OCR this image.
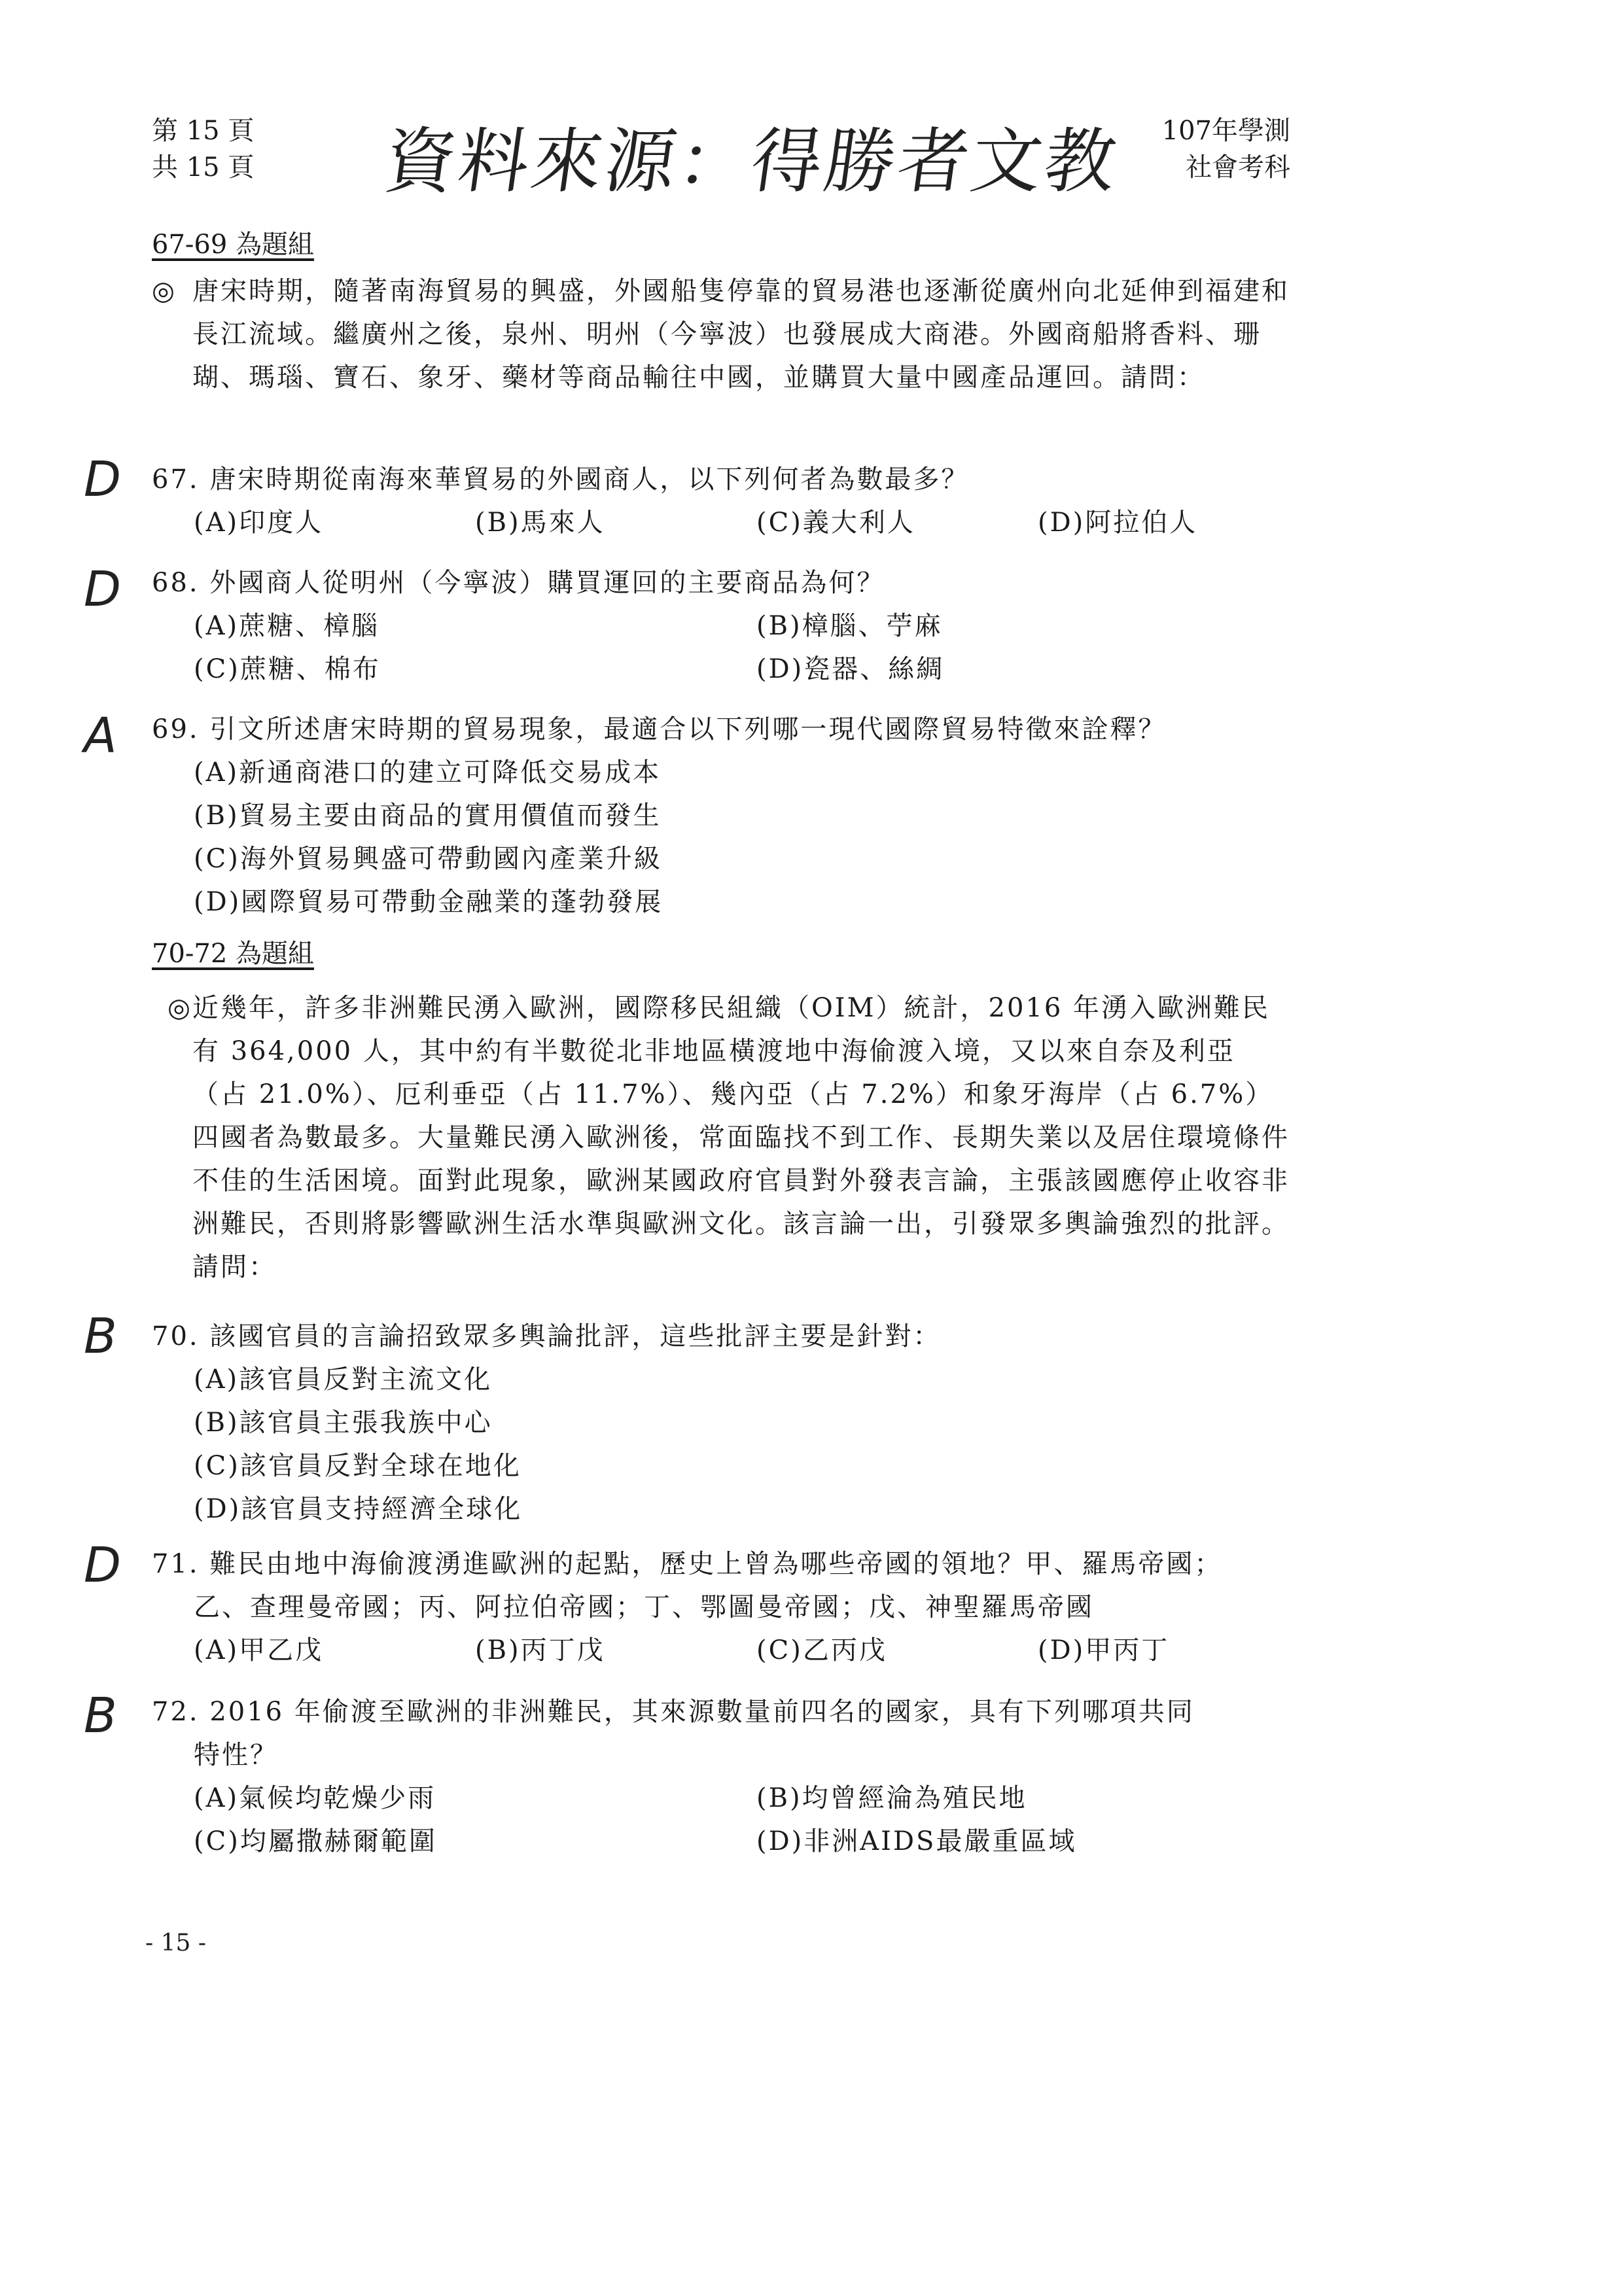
第 15 頁
共 15 頁 資料來源：得勝者文教 107年學測
社會考科
67-69 為題組
◎ 唐宋時期，隨著南海貿易的興盛，外國船隻停靠的貿易港也逐漸從廣州向北延伸到福建和長江流域。繼廣州之後，泉州、明州（今寧波）也發展成大商港。外國商船將香料、珊瑚、瑪瑙、寶石、象牙、藥材等商品輸往中國，並購買大量中國產品運回。請問：
D 67. 唐宋時期從南海來華貿易的外國商人，以下列何者為數最多？
(A)印度人	(B)馬來人	(C)義大利人	(D)阿拉伯人
D 68. 外國商人從明州（今寧波）購買運回的主要商品為何？
(A)蔗糖、樟腦	(B)樟腦、苧麻
(C)蔗糖、棉布	(D)瓷器、絲綢
A 69. 引文所述唐宋時期的貿易現象，最適合以下列哪一現代國際貿易特徵來詮釋？
(A)新通商港口的建立可降低交易成本
(B)貿易主要由商品的實用價值而發生
(C)海外貿易興盛可帶動國內產業升級
(D)國際貿易可帶動金融業的蓬勃發展
70-72 為題組
◎ 近幾年，許多非洲難民湧入歐洲，國際移民組織（OIM）統計，2016 年湧入歐洲難民有 364,000 人，其中約有半數從北非地區橫渡地中海偷渡入境，又以來自奈及利亞（占 21.0%）、厄利垂亞（占 11.7%）、幾內亞（占 7.2%）和象牙海岸（占 6.7%）四國者為數最多。大量難民湧入歐洲後，常面臨找不到工作、長期失業以及居住環境條件不佳的生活困境。面對此現象，歐洲某國政府官員對外發表言論，主張該國應停止收容非洲難民，否則將影響歐洲生活水準與歐洲文化。該言論一出，引發眾多輿論強烈的批評。請問：
B 70. 該國官員的言論招致眾多輿論批評，這些批評主要是針對：
(A)該官員反對主流文化
(B)該官員主張我族中心
(C)該官員反對全球在地化
(D)該官員支持經濟全球化
D 71. 難民由地中海偷渡湧進歐洲的起點，歷史上曾為哪些帝國的領地？甲、羅馬帝國；
乙、查理曼帝國；丙、阿拉伯帝國；丁、鄂圖曼帝國；戊、神聖羅馬帝國
(A)甲乙戊	(B)丙丁戊	(C)乙丙戊	(D)甲丙丁
B 72. 2016 年偷渡至歐洲的非洲難民，其來源數量前四名的國家，具有下列哪項共同
特性？
(A)氣候均乾燥少雨	(B)均曾經淪為殖民地
(C)均屬撒赫爾範圍	(D)非洲AIDS最嚴重區域
- 15 -
